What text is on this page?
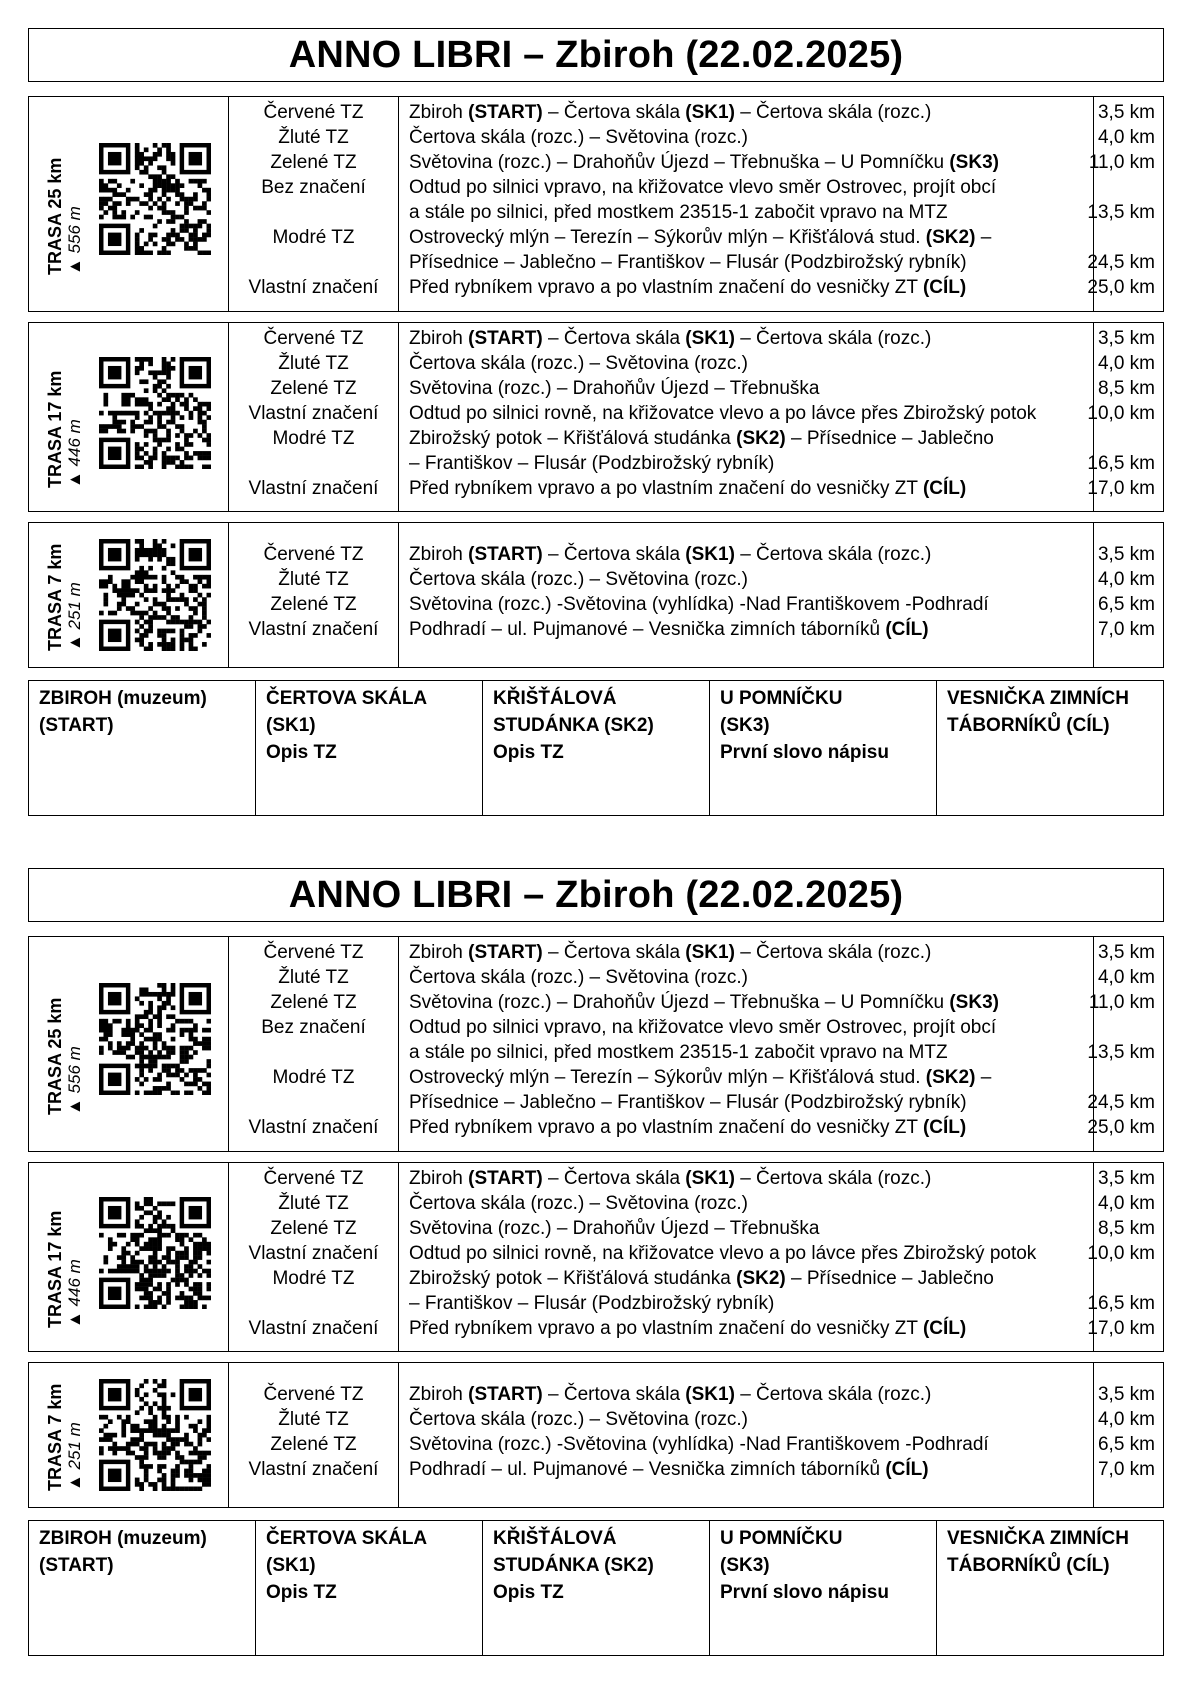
ANNO LIBRI – Zbiroh (22.02.2025)
TRASA 25 km ▲ 556 m
Červené TZ
Žluté TZ
Zelené TZ
Bez značení
Modré TZ
Vlastní značení
Zbiroh (START) – Čertova skála (SK1) – Čertova skála (rozc.)
Čertova skála (rozc.) – Světovina (rozc.)
Světovina (rozc.) – Drahoňův Újezd – Třebnuška – U Pomníčku (SK3)
Odtud po silnici vpravo, na křižovatce vlevo směr Ostrovec, projít obcí
a stále po silnici, před mostkem 23515-1 zabočit vpravo na MTZ
Ostrovecký mlýn – Terezín – Sýkorův mlýn – Křišťálová stud. (SK2) –
Přísednice – Jablečno – Františkov – Flusár (Podzbirožský rybník)
Před rybníkem vpravo a po vlastním značení do vesničky ZT (CÍL)
3,5 km
4,0 km
11,0 km
13,5 km
24,5 km
25,0 km
TRASA 17 km ▲ 446 m
Červené TZ
Žluté TZ
Zelené TZ
Vlastní značení
Modré TZ
Vlastní značení
Zbiroh (START) – Čertova skála (SK1) – Čertova skála (rozc.)
Čertova skála (rozc.) – Světovina (rozc.)
Světovina (rozc.) – Drahoňův Újezd – Třebnuška
Odtud po silnici rovně, na křižovatce vlevo a po lávce přes Zbirožský potok
Zbirožský potok – Křišťálová studánka (SK2) – Přísednice – Jablečno
– Františkov – Flusár (Podzbirožský rybník)
Před rybníkem vpravo a po vlastním značení do vesničky ZT (CÍL)
3,5 km
4,0 km
8,5 km
10,0 km
16,5 km
17,0 km
TRASA 7 km ▲ 251 m
Červené TZ
Žluté TZ
Zelené TZ
Vlastní značení
Zbiroh (START) – Čertova skála (SK1) – Čertova skála (rozc.)
Čertova skála (rozc.) – Světovina (rozc.)
Světovina (rozc.) -Světovina (vyhlídka) -Nad Františkovem -Podhradí
Podhradí – ul. Pujmanové – Vesnička zimních táborníků (CÍL)
3,5 km
4,0 km
6,5 km
7,0 km
ZBIROH (muzeum)
(START)
ČERTOVA SKÁLA
(SK1)
Opis TZ
KŘIŠŤÁLOVÁ
STUDÁNKA (SK2)
Opis TZ
U POMNÍČKU
(SK3)
První slovo nápisu
VESNIČKA ZIMNÍCH
TÁBORNÍKŮ (CÍL)
ANNO LIBRI – Zbiroh (22.02.2025)
TRASA 25 km ▲ 556 m
Červené TZ
Žluté TZ
Zelené TZ
Bez značení
Modré TZ
Vlastní značení
Zbiroh (START) – Čertova skála (SK1) – Čertova skála (rozc.)
Čertova skála (rozc.) – Světovina (rozc.)
Světovina (rozc.) – Drahoňův Újezd – Třebnuška – U Pomníčku (SK3)
Odtud po silnici vpravo, na křižovatce vlevo směr Ostrovec, projít obcí
a stále po silnici, před mostkem 23515-1 zabočit vpravo na MTZ
Ostrovecký mlýn – Terezín – Sýkorův mlýn – Křišťálová stud. (SK2) –
Přísednice – Jablečno – Františkov – Flusár (Podzbirožský rybník)
Před rybníkem vpravo a po vlastním značení do vesničky ZT (CÍL)
3,5 km
4,0 km
11,0 km
13,5 km
24,5 km
25,0 km
TRASA 17 km ▲ 446 m
Červené TZ
Žluté TZ
Zelené TZ
Vlastní značení
Modré TZ
Vlastní značení
Zbiroh (START) – Čertova skála (SK1) – Čertova skála (rozc.)
Čertova skála (rozc.) – Světovina (rozc.)
Světovina (rozc.) – Drahoňův Újezd – Třebnuška
Odtud po silnici rovně, na křižovatce vlevo a po lávce přes Zbirožský potok
Zbirožský potok – Křišťálová studánka (SK2) – Přísednice – Jablečno
– Františkov – Flusár (Podzbirožský rybník)
Před rybníkem vpravo a po vlastním značení do vesničky ZT (CÍL)
3,5 km
4,0 km
8,5 km
10,0 km
16,5 km
17,0 km
TRASA 7 km ▲ 251 m
Červené TZ
Žluté TZ
Zelené TZ
Vlastní značení
Zbiroh (START) – Čertova skála (SK1) – Čertova skála (rozc.)
Čertova skála (rozc.) – Světovina (rozc.)
Světovina (rozc.) -Světovina (vyhlídka) -Nad Františkovem -Podhradí
Podhradí – ul. Pujmanové – Vesnička zimních táborníků (CÍL)
3,5 km
4,0 km
6,5 km
7,0 km
ZBIROH (muzeum)
(START)
ČERTOVA SKÁLA
(SK1)
Opis TZ
KŘIŠŤÁLOVÁ
STUDÁNKA (SK2)
Opis TZ
U POMNÍČKU
(SK3)
První slovo nápisu
VESNIČKA ZIMNÍCH
TÁBORNÍKŮ (CÍL)
